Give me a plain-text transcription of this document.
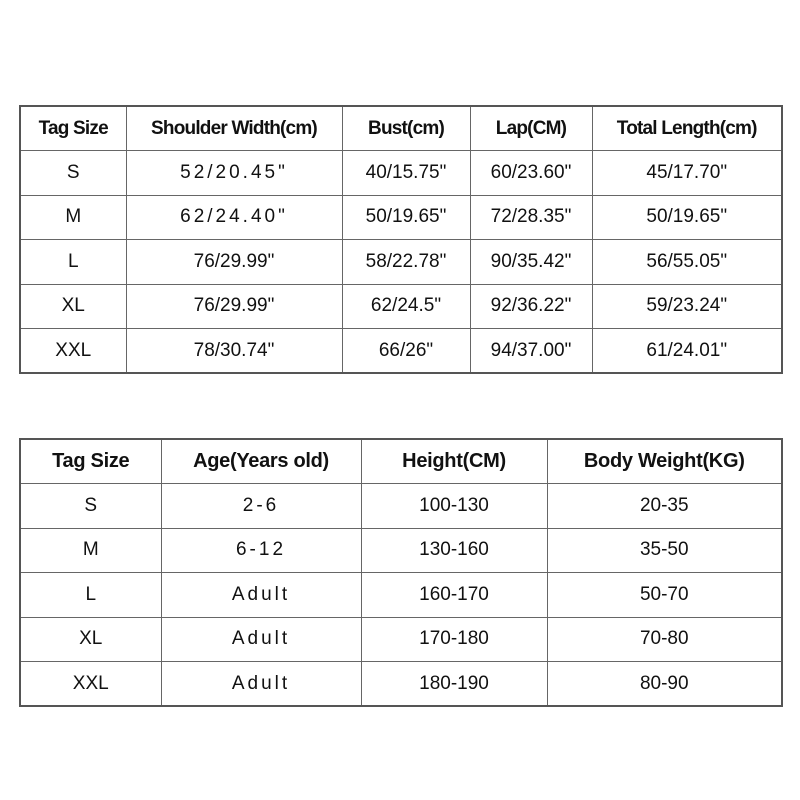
Tag Size	Shoulder Width(cm)	Bust(cm)	Lap(CM)	Total Length(cm)
S	52/20.45"	40/15.75"	60/23.60"	45/17.70"
M	62/24.40"	50/19.65"	72/28.35"	50/19.65"
L	76/29.99"	58/22.78"	90/35.42"	56/55.05"
XL	76/29.99"	62/24.5"	92/36.22"	59/23.24"
XXL	78/30.74"	66/26"	94/37.00"	61/24.01"
Tag Size	Age(Years old)	Height(CM)	Body Weight(KG)
S	2-6	100-130	20-35
M	6-12	130-160	35-50
L	Adult	160-170	50-70
XL	Adult	170-180	70-80
XXL	Adult	180-190	80-90
